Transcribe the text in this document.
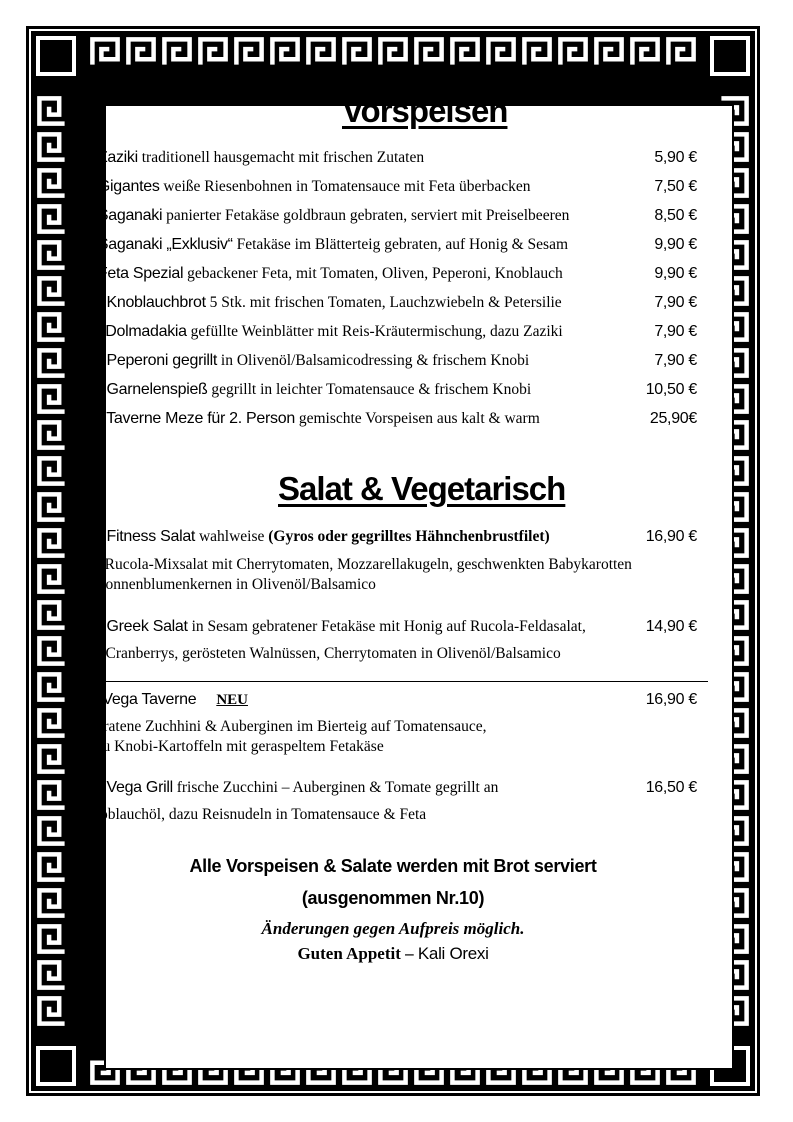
Vorspeisen
1. Zaziki traditionell hausgemacht mit frischen Zutaten	5,90 €
2. Gigantes weiße Riesenbohnen in Tomatensauce mit Feta überbacken	7,50 €
6. Saganaki panierter Fetakäse goldbraun gebraten, serviert mit Preiselbeeren	8,50 €
7. Saganaki „Exklusiv“ Fetakäse im Blätterteig gebraten, auf Honig & Sesam	9,90 €
8. Feta Spezial gebackener Feta, mit Tomaten, Oliven, Peperoni, Knoblauch	9,90 €
10. Knoblauchbrot 5 Stk. mit frischen Tomaten, Lauchzwiebeln & Petersilie	7,90 €
11. Dolmadakia gefüllte Weinblätter mit Reis-Kräutermischung, dazu Zaziki	7,90 €
13. Peperoni gegrillt in Olivenöl/Balsamicodressing & frischem Knobi	7,90 €
14. Garnelenspieß gegrillt in leichter Tomatensauce & frischem Knobi	10,50 €
16. Taverne Meze für 2. Person gemischte Vorspeisen aus kalt & warm	25,90€
Salat & Vegetarisch
31. Fitness Salat wahlweise (Gyros oder gegrilltes Hähnchenbrustfilet)	16,90 €
auf Rucola-Mixsalat mit Cherrytomaten, Mozzarellakugeln, geschwenkten Babykarotten
& Sonnenblumenkernen in Olivenöl/Balsamico
35. Greek Salat in Sesam gebratener Fetakäse mit Honig auf Rucola-Feldasalat,	14,90 €
mit Cranberrys, gerösteten Walnüssen, Cherrytomaten in Olivenöl/Balsamico
32.Vega Taverne NEU	16,90 €
gebratene Zuchhini & Auberginen im Bierteig auf Tomatensauce,
dazu Knobi-Kartoffeln mit geraspeltem Fetakäse
77. Vega Grill frische Zucchini – Auberginen & Tomate gegrillt an	16,50 €
Knoblauchöl, dazu Reisnudeln in Tomatensauce & Feta
Alle Vorspeisen & Salate werden mit Brot serviert
(ausgenommen Nr.10)
Änderungen gegen Aufpreis möglich.
Guten Appetit – Kali Orexi
